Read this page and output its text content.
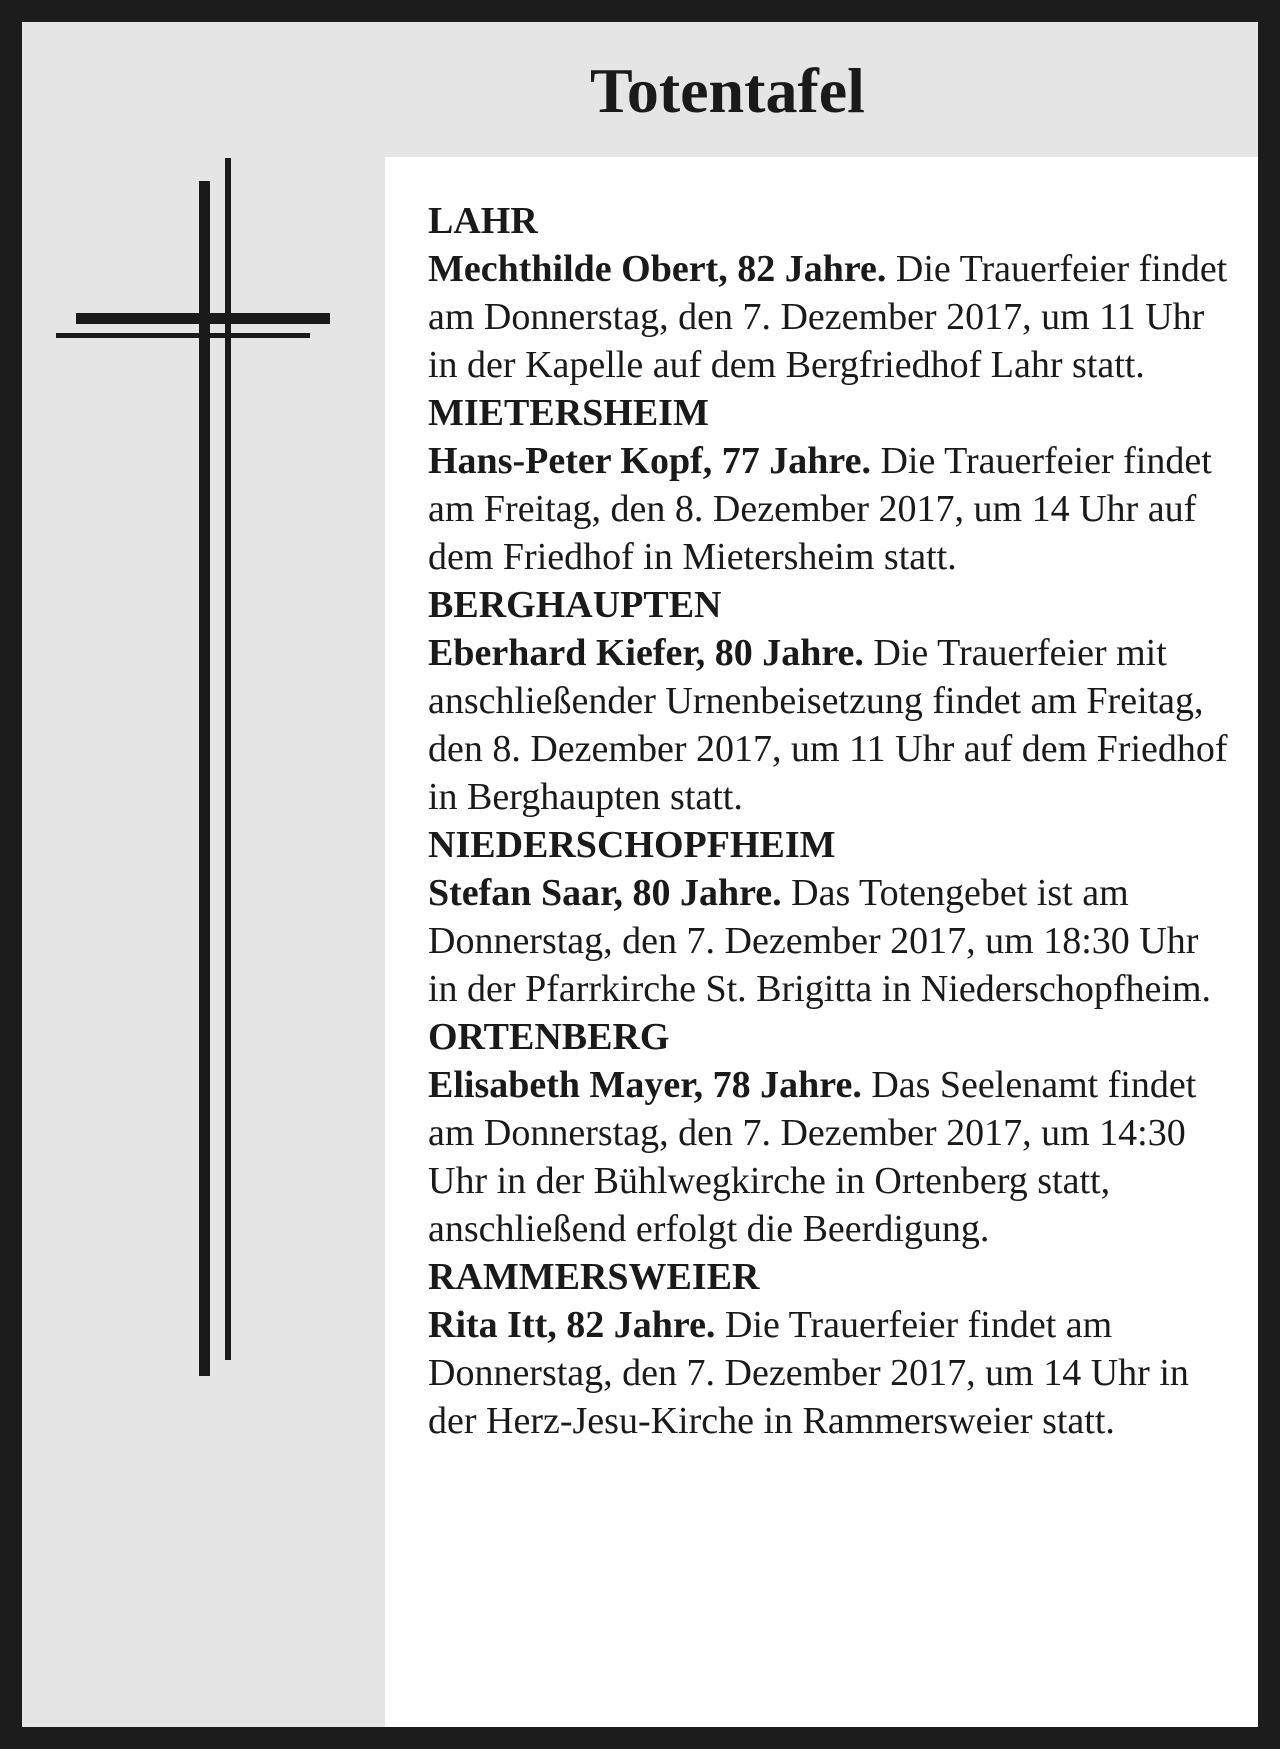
Totentafel

LAHR
Mechthilde Obert, 82 Jahre. Die Trauerfeier findet am Donnerstag, den 7. Dezember 2017, um 11 Uhr in der Kapelle auf dem Bergfriedhof Lahr statt.

MIETERSHEIM
Hans-Peter Kopf, 77 Jahre. Die Trauerfeier findet am Freitag, den 8. Dezember 2017, um 14 Uhr auf dem Friedhof in Mietersheim statt.

BERGHAUPTEN
Eberhard Kiefer, 80 Jahre. Die Trauerfeier mit anschließender Urnenbeisetzung findet am Freitag, den 8. Dezember 2017, um 11 Uhr auf dem Friedhof in Berghaupten statt.

NIEDERSCHOPFHEIM
Stefan Saar, 80 Jahre. Das Totengebet ist am Donnerstag, den 7. Dezember 2017, um 18:30 Uhr in der Pfarrkirche St. Brigitta in Niederschopfheim.

ORTENBERG
Elisabeth Mayer, 78 Jahre. Das Seelenamt findet am Donnerstag, den 7. Dezember 2017, um 14:30 Uhr in der Bühlwegkirche in Ortenberg statt, anschließend erfolgt die Beerdigung.

RAMMERSWEIER
Rita Itt, 82 Jahre. Die Trauerfeier findet am Donnerstag, den 7. Dezember 2017, um 14 Uhr in der Herz-Jesu-Kirche in Rammersweier statt.
